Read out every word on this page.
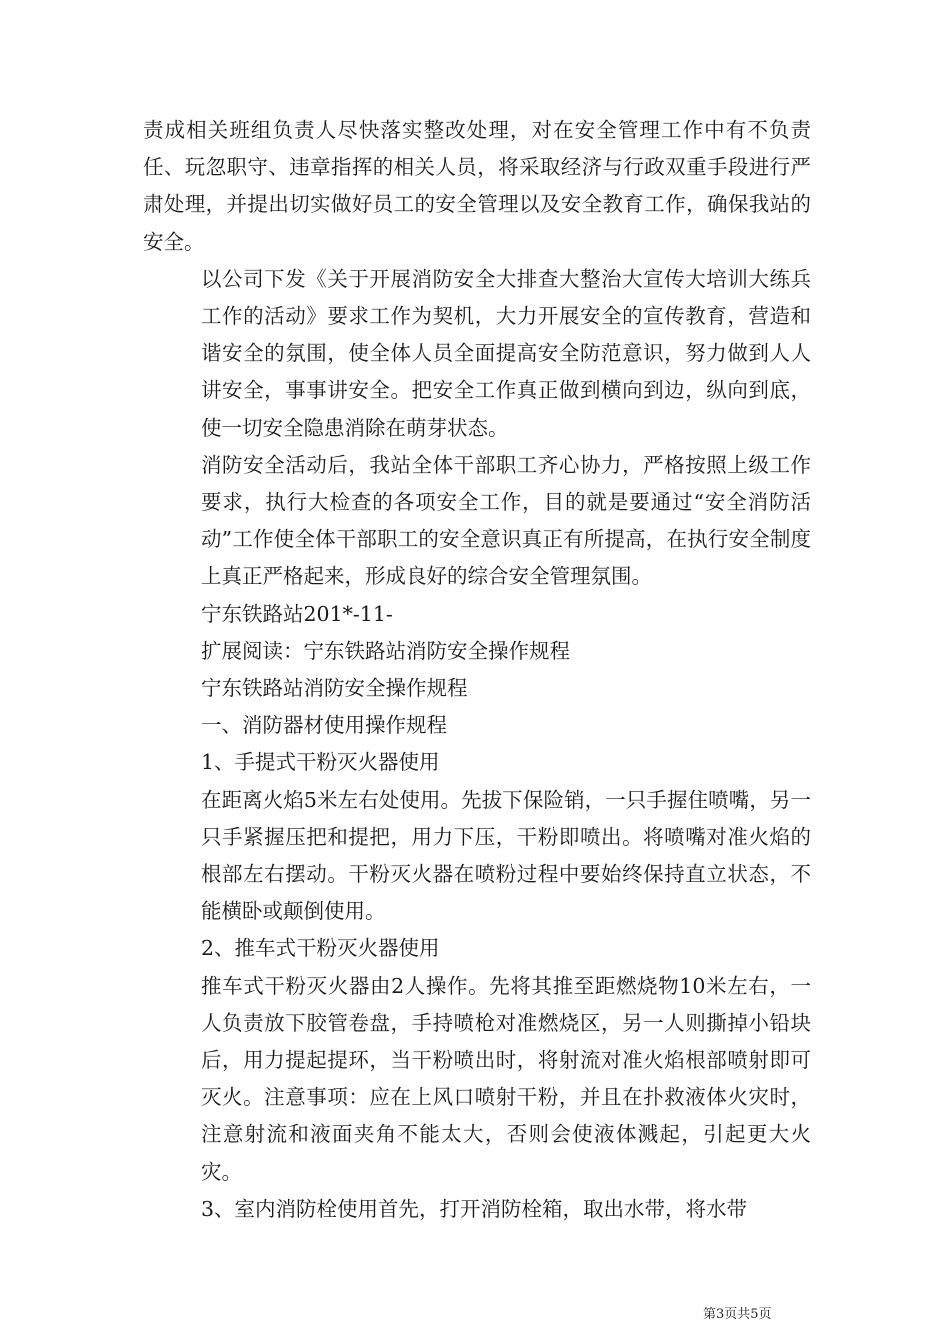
责成相关班组负责人尽快落实整改处理，对在安全管理工作中有不负责任、玩忽职守、违章指挥的相关人员，将采取经济与行政双重手段进行严肃处理，并提出切实做好员工的安全管理以及安全教育工作，确保我站的安全。

以公司下发《关于开展消防安全大排查大整治大宣传大培训大练兵工作的活动》要求工作为契机，大力开展安全的宣传教育，营造和谐安全的氛围，使全体人员全面提高安全防范意识，努力做到人人讲安全，事事讲安全。把安全工作真正做到横向到边，纵向到底，使一切安全隐患消除在萌芽状态。

消防安全活动后，我站全体干部职工齐心协力，严格按照上级工作要求，执行大检查的各项安全工作，目的就是要通过“安全消防活动”工作使全体干部职工的安全意识真正有所提高，在执行安全制度上真正严格起来，形成良好的综合安全管理氛围。

宁东铁路站201*-11-

扩展阅读：宁东铁路站消防安全操作规程

宁东铁路站消防安全操作规程

一、消防器材使用操作规程

1、手提式干粉灭火器使用

在距离火焰5米左右处使用。先拔下保险销，一只手握住喷嘴，另一只手紧握压把和提把，用力下压，干粉即喷出。将喷嘴对准火焰的根部左右摆动。干粉灭火器在喷粉过程中要始终保持直立状态，不能横卧或颠倒使用。

2、推车式干粉灭火器使用

推车式干粉灭火器由2人操作。先将其推至距燃烧物10米左右，一人负责放下胶管卷盘，手持喷枪对准燃烧区，另一人则撕掉小铅块后，用力提起提环，当干粉喷出时，将射流对准火焰根部喷射即可灭火。注意事项：应在上风口喷射干粉，并且在扑救液体火灾时，注意射流和液面夹角不能太大，否则会使液体溅起，引起更大火灾。

3、室内消防栓使用首先，打开消防栓箱，取出水带，将水带

第3页共5页
